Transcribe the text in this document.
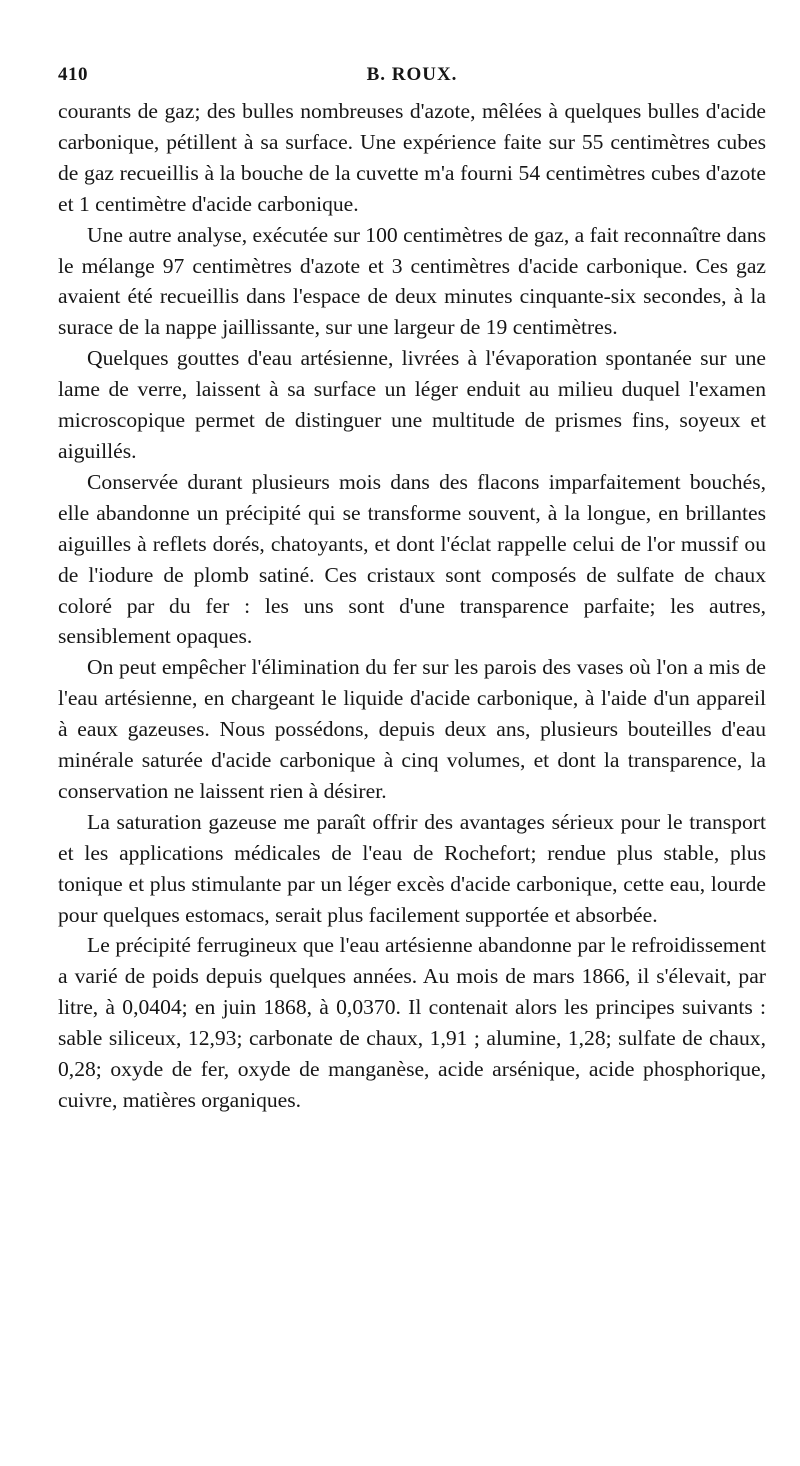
410	B. ROUX.

courants de gaz; des bulles nombreuses d'azote, mêlées à quelques bulles d'acide carbonique, pétillent à sa surface. Une expérience faite sur 55 centimètres cubes de gaz recueillis à la bouche de la cuvette m'a fourni 54 centimètres cubes d'azote et 1 centimètre d'acide carbonique.

Une autre analyse, exécutée sur 100 centimètres de gaz, a fait reconnaître dans le mélange 97 centimètres d'azote et 3 centimètres d'acide carbonique. Ces gaz avaient été recueillis dans l'espace de deux minutes cinquante-six secondes, à la surace de la nappe jaillissante, sur une largeur de 19 centimètres.

Quelques gouttes d'eau artésienne, livrées à l'évaporation spontanée sur une lame de verre, laissent à sa surface un léger enduit au milieu duquel l'examen microscopique permet de distinguer une multitude de prismes fins, soyeux et aiguillés.

Conservée durant plusieurs mois dans des flacons imparfaitement bouchés, elle abandonne un précipité qui se transforme souvent, à la longue, en brillantes aiguilles à reflets dorés, chatoyants, et dont l'éclat rappelle celui de l'or mussif ou de l'iodure de plomb satiné. Ces cristaux sont composés de sulfate de chaux coloré par du fer : les uns sont d'une transparence parfaite; les autres, sensiblement opaques.

On peut empêcher l'élimination du fer sur les parois des vases où l'on a mis de l'eau artésienne, en chargeant le liquide d'acide carbonique, à l'aide d'un appareil à eaux gazeuses. Nous possédons, depuis deux ans, plusieurs bouteilles d'eau minérale saturée d'acide carbonique à cinq volumes, et dont la transparence, la conservation ne laissent rien à désirer.

La saturation gazeuse me paraît offrir des avantages sérieux pour le transport et les applications médicales de l'eau de Rochefort; rendue plus stable, plus tonique et plus stimulante par un léger excès d'acide carbonique, cette eau, lourde pour quelques estomacs, serait plus facilement supportée et absorbée.

Le précipité ferrugineux que l'eau artésienne abandonne par le refroidissement a varié de poids depuis quelques années. Au mois de mars 1866, il s'élevait, par litre, à 0,0404; en juin 1868, à 0,0370. Il contenait alors les principes suivants : sable siliceux, 12,93; carbonate de chaux, 1,91 ; alumine, 1,28; sulfate de chaux, 0,28; oxyde de fer, oxyde de manganèse, acide arsénique, acide phosphorique, cuivre, matières organiques.
